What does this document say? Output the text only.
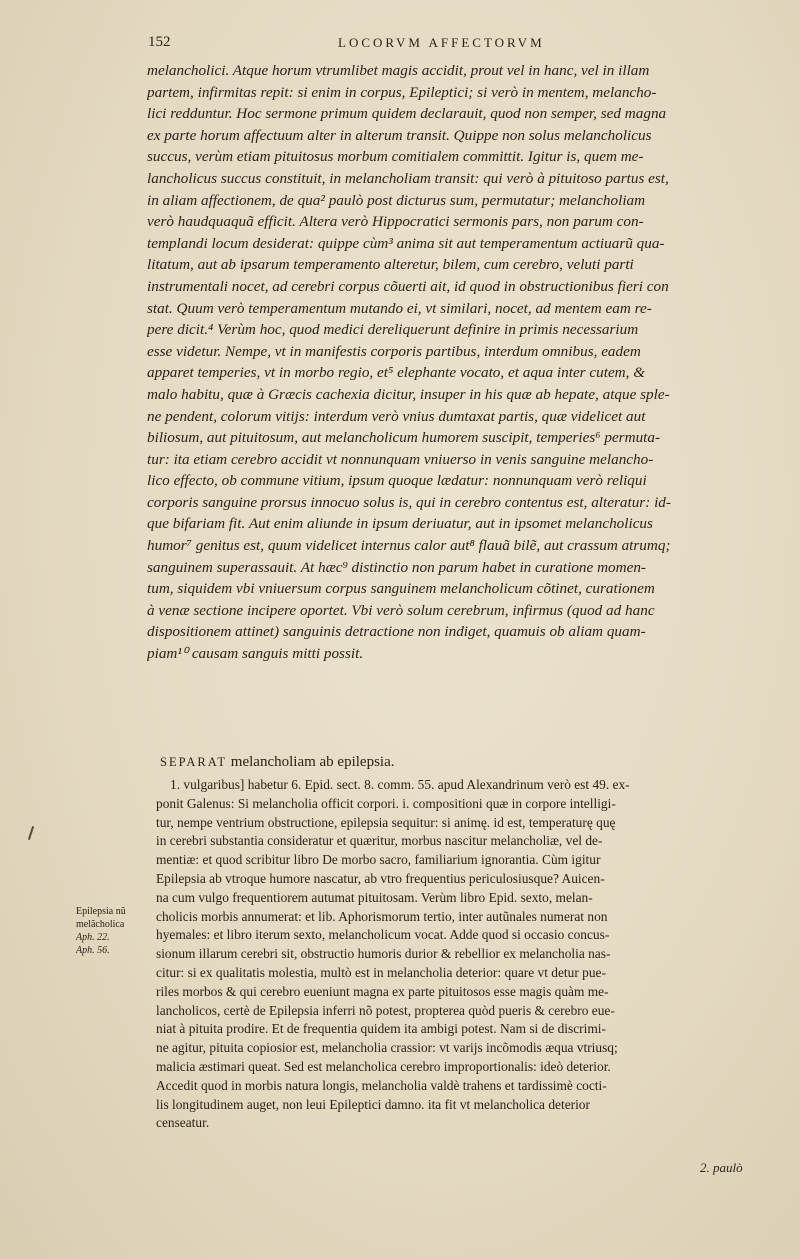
152	LOCORVM AFFECTORVM
melancholici. Atque horum vtrumlibet magis accidit, prout vel in hanc, vel in illam
partem, infirmitas repit: si enim in corpus, Epileptici; si verò in mentem, melancho-
lici redduntur. Hoc sermone primum quidem declarauit, quod non semper, sed magna
ex parte horum affectuum alter in alterum transit. Quippe non solus melancholicus
succus, verùm etiam pituitosus morbum comitialem committit. Igitur is, quem me-
lancholicus succus constituit, in melancholiam transit: qui verò à pituitoso partus est,
in aliam affectionem, de qua² paulò post dicturus sum, permutatur; melancholiam
verò haudquaquã efficit. Altera verò Hippocratici sermonis pars, non parum con-
templandi locum desiderat: quippe cùm³ anima sit aut temperamentum actiuarũ qua-
litatum, aut ab ipsarum temperamento alteretur, bilem, cum cerebro, veluti parti
instrumentali nocet, ad cerebri corpus cõuerti ait, id quod in obstructionibus fieri con
stat. Quum verò temperamentum mutando ei, vt similari, nocet, ad mentem eam re-
pere dicit.⁴ Verùm hoc, quod medici dereliquerunt definire in primis necessarium
esse videtur. Nempe, vt in manifestis corporis partibus, interdum omnibus, eadem
apparet temperies, vt in morbo regio, et⁵ elephante vocato, et aqua inter cutem, &
malo habitu, quæ à Græcis cachexia dicitur, insuper in his quæ ab hepate, atque sple-
ne pendent, colorum vitijs: interdum verò vnius dumtaxat partis, quæ videlicet aut
biliosum, aut pituitosum, aut melancholicum humorem suscipit, temperies⁶ permuta-
tur: ita etiam cerebro accidit vt nonnunquam vniuerso in venis sanguine melancho-
lico effecto, ob commune vitium, ipsum quoque lædatur: nonnunquam verò reliqui
corporis sanguine prorsus innocuo solus is, qui in cerebro contentus est, alteratur: id-
que bifariam fit. Aut enim aliunde in ipsum deriuatur, aut in ipsomet melancholicus
humor⁷ genitus est, quum videlicet internus calor aut⁸ flauã bilẽ, aut crassum atrumq;
sanguinem superassauit. At hæc⁹ distinctio non parum habet in curatione momen-
tum, siquidem vbi vniuersum corpus sanguinem melancholicum cõtinet, curationem
à venæ sectione incipere oportet. Vbi verò solum cerebrum, infirmus (quod ad hanc
dispositionem attinet) sanguinis detractione non indiget, quamuis ob aliam quam-
piam¹⁰ causam sanguis mitti possit.
SEPARAT melancholiam ab epilepsia.
1. vulgaribus] habetur 6. Epid. sect. 8. comm. 55. apud Alexandrinum verò est 49. ex-
ponit Galenus: Si melancholia officit corpori. i. compositioni quæ in corpore intelligi-
tur, nempe ventrium obstructione, epilepsia sequitur: si animę. id est, temperaturę quę
in cerebri substantia consideratur et quæritur, morbus nascitur melancholiæ, vel de-
mentiæ: et quod scribitur libro De morbo sacro, familiarium ignorantia. Cùm igitur
Epilepsia ab vtroque humore nascatur, ab vtro frequentius periculosiusque? Auicen-
na cum vulgo frequentiorem autumat pituitosam. Verùm libro Epid. sexto, melan-
cholicis morbis annumerat: et lib. Aphorismorum tertio, inter autũnales numerat non
hyemales: et libro iterum sexto, melancholicum vocat. Adde quod si occasio concus-
sionum illarum cerebri sit, obstructio humoris durior & rebellior ex melancholia nas-
citur: si ex qualitatis molestia, multò est in melancholia deterior: quare vt detur pue-
riles morbos & qui cerebro eueniunt magna ex parte pituitosos esse magis quàm me-
lancholicos, certè de Epilepsia inferri nõ potest, propterea quòd pueris & cerebro eue-
niat à pituita prodire. Et de frequentia quidem ita ambigi potest. Nam si de discrimi-
ne agitur, pituita copiosior est, melancholia crassior: vt varijs incõmodis æqua vtriusq;
malicia æstimari queat. Sed est melancholica cerebro improportionalis: ideò deterior.
Accedit quod in morbis natura longis, melancholia valdè trahens et tardissimè cocti-
lis longitudinem auget, non leui Epileptici damno. ita fit vt melancholica deterior
censeatur.
Epilepsia nũ
melãcholica
Aph. 22.
Aph. 56.
2. paulò
